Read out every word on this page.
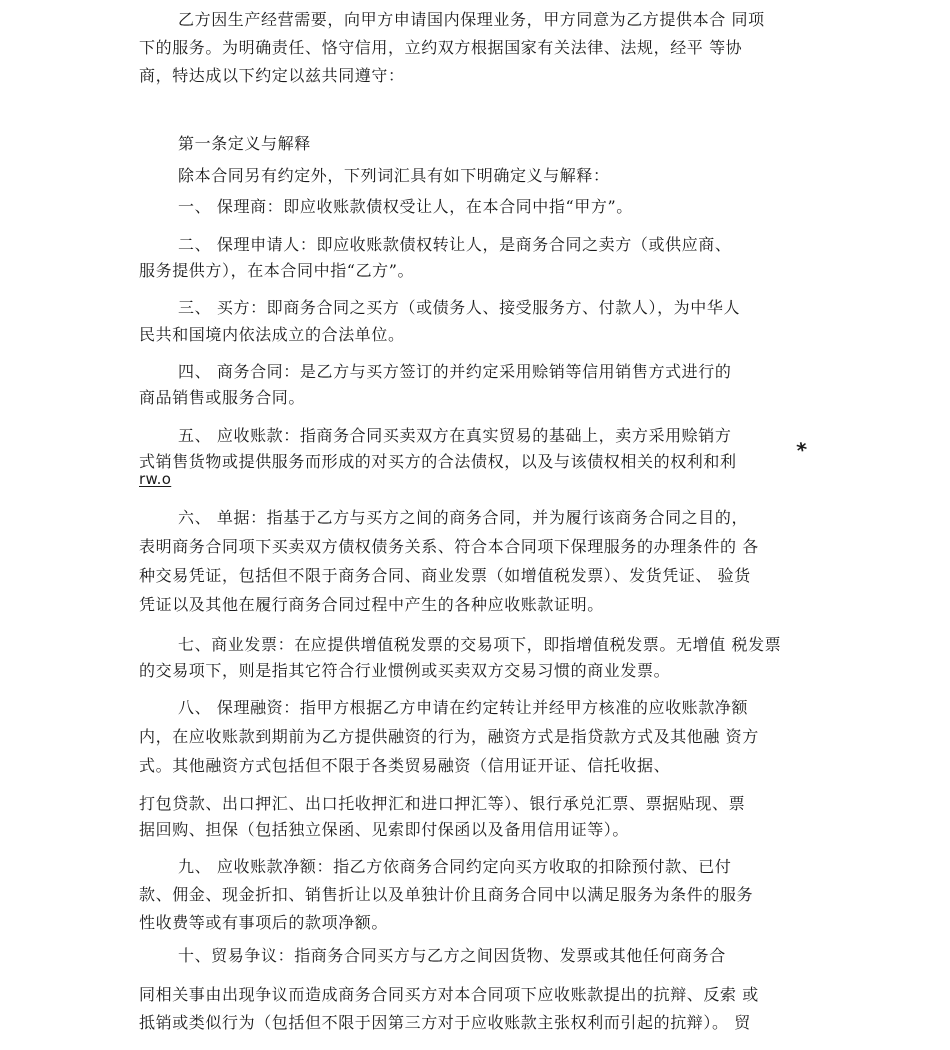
乙方因生产经营需要，向甲方申请国内保理业务，甲方同意为乙方提供本合 同项
下的服务。为明确责任、恪守信用，立约双方根据国家有关法律、法规，经平 等协
商，特达成以下约定以兹共同遵守：
第一条定义与解释
除本合同另有约定外，下列词汇具有如下明确定义与解释：
一、 保理商：即应收账款债权受让人，在本合同中指“甲方”。
二、 保理申请人：即应收账款债权转让人，是商务合同之卖方（或供应商、
服务提供方），在本合同中指“乙方”。
三、 买方：即商务合同之买方（或债务人、接受服务方、付款人），为中华人
民共和国境内依法成立的合法单位。
四、 商务合同：是乙方与买方签订的并约定采用赊销等信用销售方式进行的
商品销售或服务合同。
五、 应收账款：指商务合同买卖双方在真实贸易的基础上，卖方采用赊销方
式销售货物或提供服务而形成的对买方的合法债权，以及与该债权相关的权利和利	*
rw.o
六、 单据：指基于乙方与买方之间的商务合同，并为履行该商务合同之目的，
表明商务合同项下买卖双方债权债务关系、符合本合同项下保理服务的办理条件的 各
种交易凭证，包括但不限于商务合同、商业发票（如增值税发票）、发货凭证、 验货
凭证以及其他在履行商务合同过程中产生的各种应收账款证明。
七、商业发票：在应提供增值税发票的交易项下，即指增值税发票。无增值 税发票
的交易项下，则是指其它符合行业惯例或买卖双方交易习惯的商业发票。
八、 保理融资：指甲方根据乙方申请在约定转让并经甲方核准的应收账款净额
内，在应收账款到期前为乙方提供融资的行为，融资方式是指贷款方式及其他融 资方
式。其他融资方式包括但不限于各类贸易融资（信用证开证、信托收据、
打包贷款、出口押汇、出口托收押汇和进口押汇等）、银行承兑汇票、票据贴现、票
据回购、担保（包括独立保函、见索即付保函以及备用信用证等）。
九、 应收账款净额：指乙方依商务合同约定向买方收取的扣除预付款、已付
款、佣金、现金折扣、销售折让以及单独计价且商务合同中以满足服务为条件的服务
性收费等或有事项后的款项净额。
十、贸易争议：指商务合同买方与乙方之间因货物、发票或其他任何商务合
同相关事由出现争议而造成商务合同买方对本合同项下应收账款提出的抗辩、反索 或
抵销或类似行为（包括但不限于因第三方对于应收账款主张权利而引起的抗辩）。 贸
